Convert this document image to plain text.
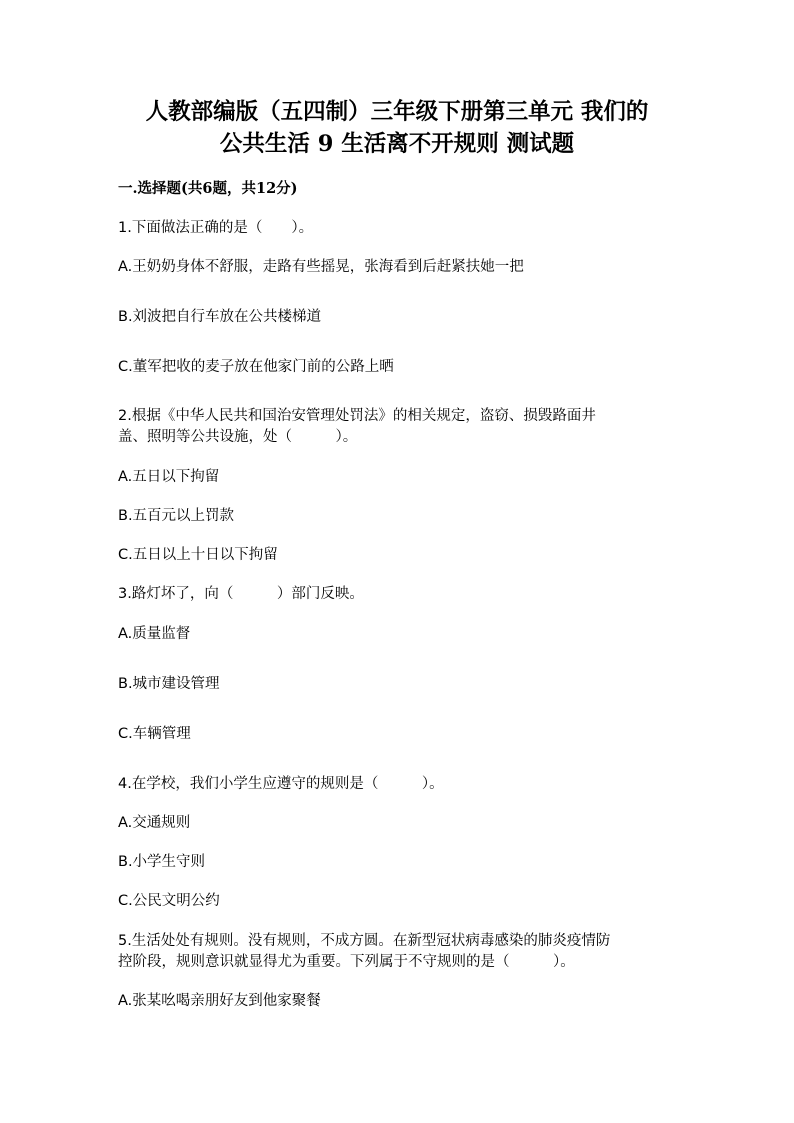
人教部编版（五四制）三年级下册第三单元 我们的
公共生活 9 生活离不开规则 测试题
一.选择题(共6题，共12分)
1.下面做法正确的是（　　）。
A.王奶奶身体不舒服，走路有些摇晃，张海看到后赶紧扶她一把
B.刘波把自行车放在公共楼梯道
C.董军把收的麦子放在他家门前的公路上晒
2.根据《中华人民共和国治安管理处罚法》的相关规定，盗窃、损毁路面井
盖、照明等公共设施，处（　　　）。
A.五日以下拘留
B.五百元以上罚款
C.五日以上十日以下拘留
3.路灯坏了，向（　　　）部门反映。
A.质量监督
B.城市建设管理
C.车辆管理
4.在学校，我们小学生应遵守的规则是（　　　）。
A.交通规则
B.小学生守则
C.公民文明公约
5.生活处处有规则。没有规则，不成方圆。在新型冠状病毒感染的肺炎疫情防
控阶段，规则意识就显得尤为重要。下列属于不守规则的是（　　　）。
A.张某吆喝亲朋好友到他家聚餐
